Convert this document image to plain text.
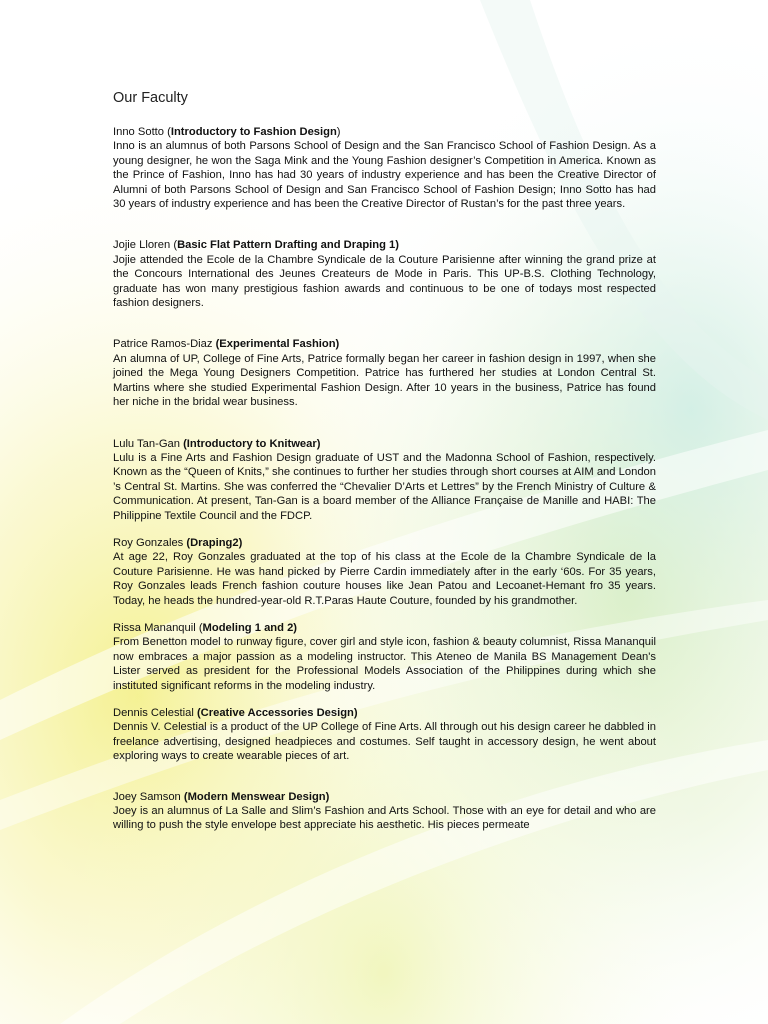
Our Faculty
Inno Sotto (Introductory to Fashion Design)
Inno is an alumnus of both Parsons School of Design and the San Francisco School of Fashion Design. As a young designer, he won the Saga Mink and the Young Fashion designer’s Competition in America. Known as the Prince of Fashion, Inno has had 30 years of industry experience and has been the Creative Director of Alumni of both Parsons School of Design and San Francisco School of Fashion Design; Inno Sotto has had 30 years of industry experience and has been the Creative Director of Rustan’s for the past three years.
Jojie Lloren (Basic Flat Pattern Drafting and Draping 1)
Jojie attended the Ecole de la Chambre Syndicale de la Couture Parisienne after winning the grand prize at the Concours International des Jeunes Createurs de Mode in Paris. This UP-B.S. Clothing Technology, graduate has won many prestigious fashion awards and continuous to be one of todays most respected fashion designers.
Patrice Ramos-Diaz (Experimental Fashion)
An alumna of UP, College of Fine Arts, Patrice formally began her career in fashion design in 1997, when she joined the Mega Young Designers Competition. Patrice has furthered her studies at London Central St. Martins where she studied Experimental Fashion Design. After 10 years in the business, Patrice has found her niche in the bridal wear business.
Lulu Tan-Gan (Introductory to Knitwear)
Lulu is a Fine Arts and Fashion Design graduate of UST and the Madonna School of Fashion, respectively. Known as the “Queen of Knits,” she continues to further her studies through short courses at AIM and London ’s Central St. Martins. She was conferred the “Chevalier D’Arts et Lettres” by the French Ministry of Culture & Communication. At present, Tan-Gan is a board member of the Alliance Française de Manille and HABI: The Philippine Textile Council and the FDCP.
Roy Gonzales (Draping2)
At age 22, Roy Gonzales graduated at the top of his class at the Ecole de la Chambre Syndicale de la Couture Parisienne. He was hand picked by Pierre Cardin immediately after in the early ‘60s. For 35 years, Roy Gonzales leads French fashion couture houses like Jean Patou and Lecoanet-Hemant fro 35 years. Today, he heads the hundred-year-old R.T.Paras Haute Couture, founded by his grandmother.
Rissa Mananquil (Modeling 1 and 2)
From Benetton model to runway figure, cover girl and style icon, fashion & beauty columnist, Rissa Mananquil now embraces a major passion as a modeling instructor. This Ateneo de Manila BS Management Dean's Lister served as president for the Professional Models Association of the Philippines during which she instituted significant reforms in the modeling industry.
Dennis Celestial (Creative Accessories Design)
Dennis V. Celestial is a product of the UP College of Fine Arts. All through out his design career he dabbled in freelance advertising, designed headpieces and costumes. Self taught in accessory design, he went about exploring ways to create wearable pieces of art.
Joey Samson (Modern Menswear Design)
Joey is an alumnus of La Salle and Slim’s Fashion and Arts School. Those with an eye for detail and who are willing to push the style envelope best appreciate his aesthetic. His pieces permeate
